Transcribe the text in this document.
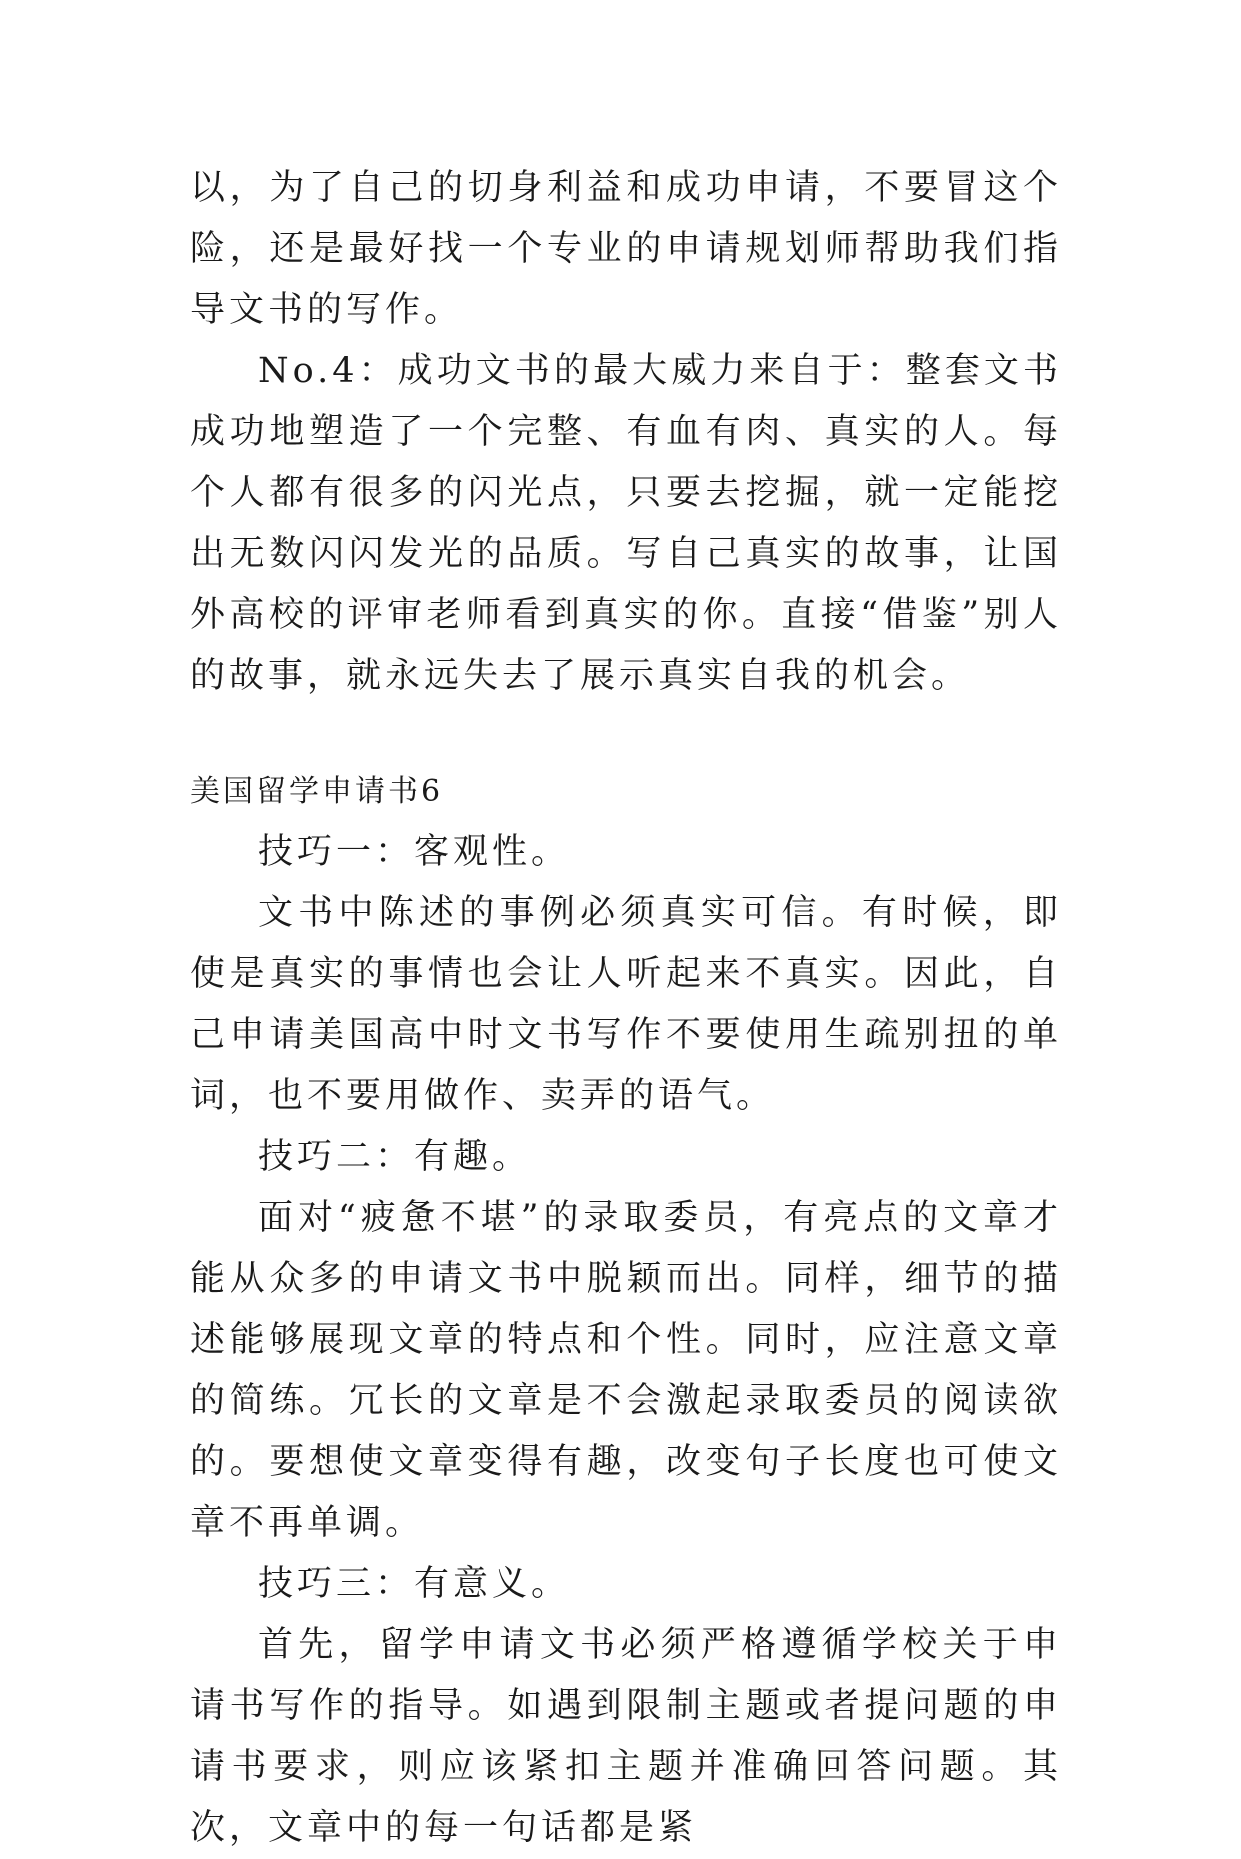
以，为了自己的切身利益和成功申请，不要冒这个险，还是最好找一个专业的申请规划师帮助我们指导文书的写作。

No.4：成功文书的最大威力来自于：整套文书成功地塑造了一个完整、有血有肉、真实的人。每个人都有很多的闪光点，只要去挖掘，就一定能挖出无数闪闪发光的品质。写自己真实的故事，让国外高校的评审老师看到真实的你。直接“借鉴”别人的故事，就永远失去了展示真实自我的机会。

美国留学申请书6

技巧一：客观性。

文书中陈述的事例必须真实可信。有时候，即使是真实的事情也会让人听起来不真实。因此，自己申请美国高中时文书写作不要使用生疏别扭的单词，也不要用做作、卖弄的语气。

技巧二：有趣。

面对“疲惫不堪”的录取委员，有亮点的文章才能从众多的申请文书中脱颖而出。同样，细节的描述能够展现文章的特点和个性。同时，应注意文章的简练。冗长的文章是不会激起录取委员的阅读欲的。要想使文章变得有趣，改变句子长度也可使文章不再单调。

技巧三：有意义。

首先，留学申请文书必须严格遵循学校关于申请书写作的指导。如遇到限制主题或者提问题的申请书要求，则应该紧扣主题并准确回答问题。其次，文章中的每一句话都是紧
